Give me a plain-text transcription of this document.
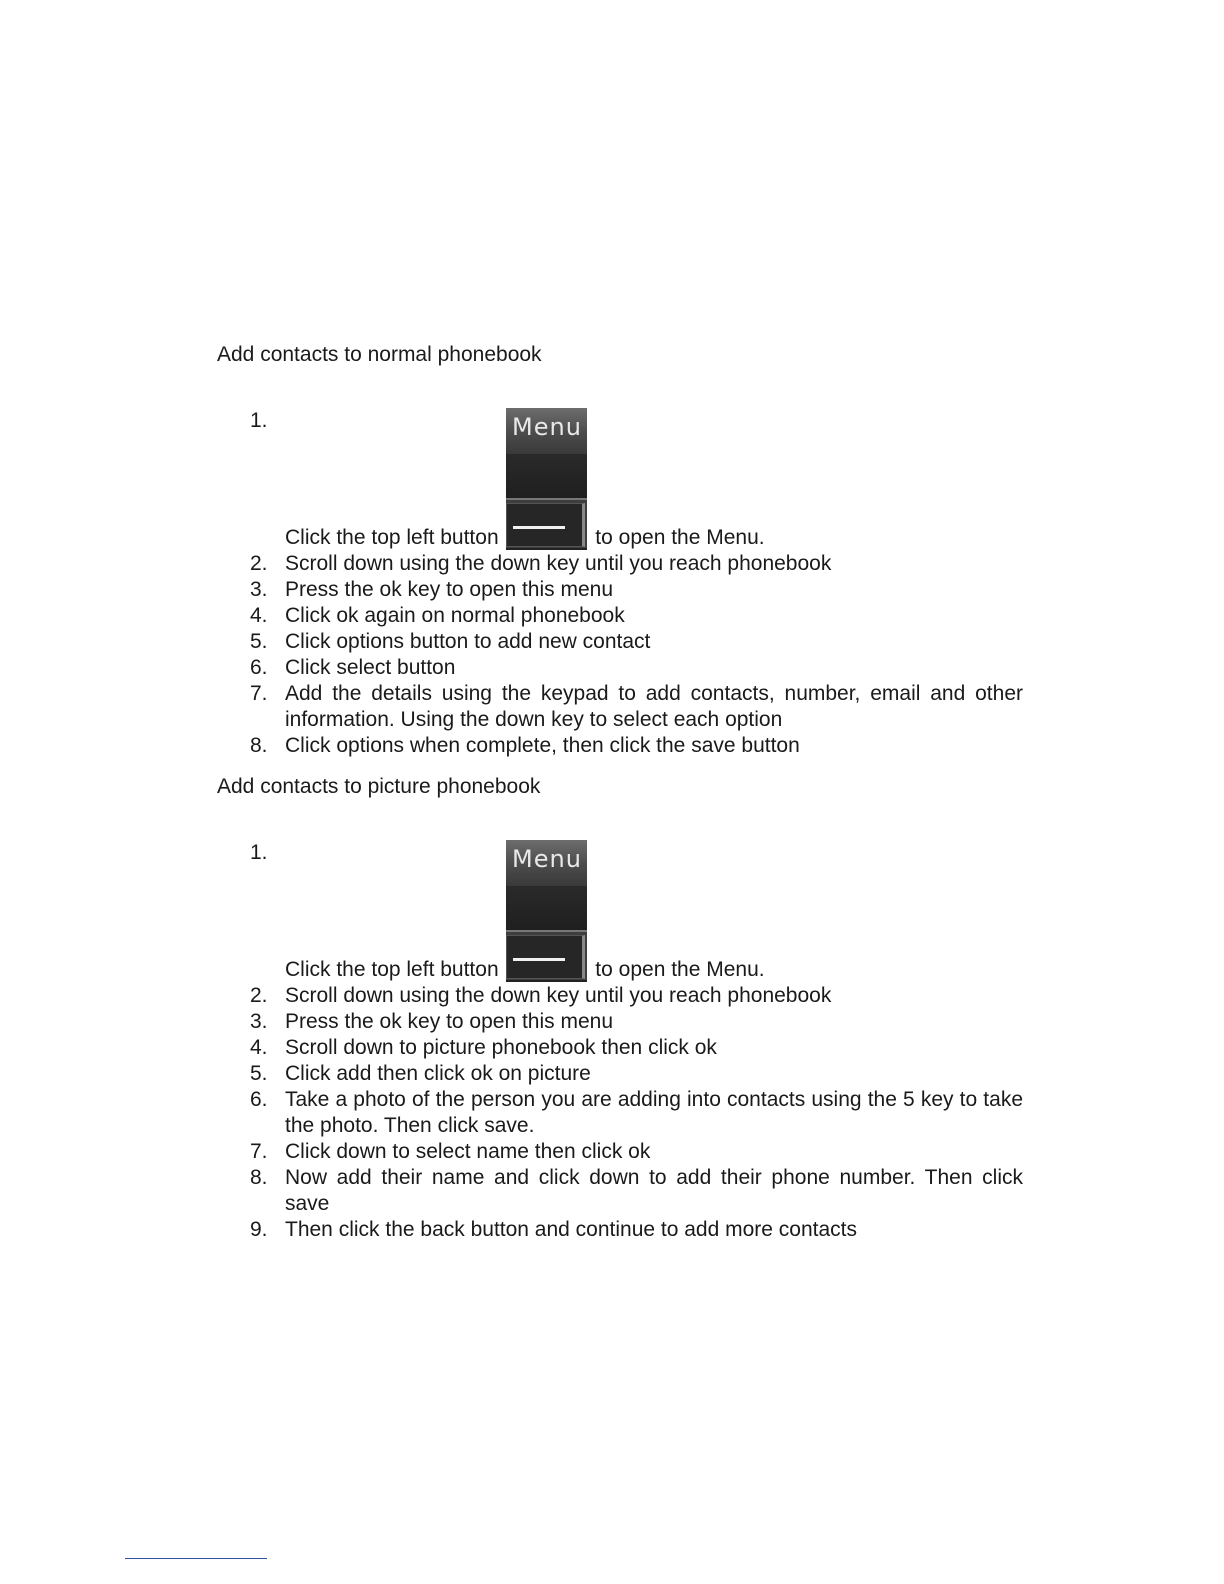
Add contacts to normal phonebook
1.
Click the top left button
Menu
to open the Menu.
2. Scroll down using the down key until you reach phonebook
3. Press the ok key to open this menu
4. Click ok again on normal phonebook
5. Click options button to add new contact
6. Click select button
7. Add the details using the keypad to add contacts, number, email and other information. Using the down key to select each option
8. Click options when complete, then click the save button
Add contacts to picture phonebook
1.
Click the top left button
Menu
to open the Menu.
2. Scroll down using the down key until you reach phonebook
3. Press the ok key to open this menu
4. Scroll down to picture phonebook then click ok
5. Click add then click ok on picture
6. Take a photo of the person you are adding into contacts using the 5 key to take the photo. Then click save.
7. Click down to select name then click ok
8. Now add their name and click down to add their phone number. Then click save
9. Then click the back button and continue to add more contacts
